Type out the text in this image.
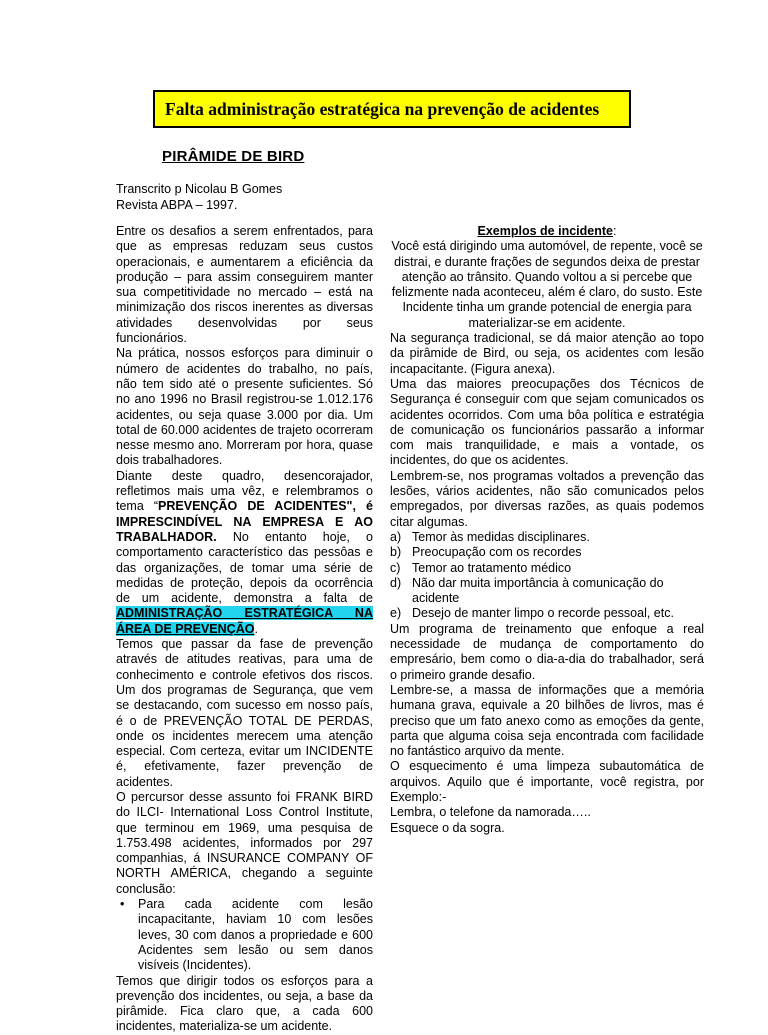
Falta administração estratégica na prevenção de acidentes
PIRÂMIDE DE BIRD
Transcrito p Nicolau B Gomes
Revista ABPA – 1997.

Entre os desafios a serem enfrentados, para que as empresas reduzam seus custos operacionais, e aumentarem a eficiência da produção – para assim conseguirem manter sua competitividade no mercado – está na minimização dos riscos inerentes as diversas atividades desenvolvidas por seus funcionários.

Na prática, nossos esforços para diminuir o número de acidentes do trabalho, no país, não tem sido até o presente suficientes. Só no ano 1996 no Brasil registrou-se 1.012.176 acidentes, ou seja quase 3.000 por dia. Um total de 60.000 acidentes de trajeto ocorreram nesse mesmo ano. Morreram por hora, quase dois trabalhadores.

Diante deste quadro, desencorajador, refletimos mais uma vêz, e relembramos o tema “PREVENÇÃO DE ACIDENTES", é IMPRESCINDÍVEL NA EMPRESA E AO TRABALHADOR. No entanto hoje, o comportamento característico das pessôas e das organizações, de tomar uma série de medidas de proteção, depois da ocorrência de um acidente, demonstra a falta de ADMINISTRAÇÃO ESTRATÉGICA NA ÁREA DE PREVENÇÃO.

Temos que passar da fase de prevenção através de atitudes reativas, para uma de conhecimento e controle efetivos dos riscos. Um dos programas de Segurança, que vem se destacando, com sucesso em nosso país, é o de PREVENÇÃO TOTAL DE PERDAS, onde os incidentes merecem uma atenção especial. Com certeza, evitar um INCIDENTE é, efetivamente, fazer prevenção de acidentes.

O percursor desse assunto foi FRANK BIRD do ILCI- International Loss Control Institute, que terminou em 1969, uma pesquisa de 1.753.498 acidentes, informados por 297 companhias, á INSURANCE COMPANY OF NORTH AMÉRICA, chegando a seguinte conclusão:

• Para cada acidente com lesão incapacitante, haviam 10 com lesões leves, 30 com danos a propriedade e 600 Acidentes sem lesão ou sem danos visíveis (Incidentes).

Temos que dirigir todos os esforços para a prevenção dos incidentes, ou seja, a base da pirâmide. Fica claro que, a cada 600 incidentes, materializa-se um acidente.

Exemplos de incidente:

Você está dirigindo uma automóvel, de repente, você se distrai, e durante frações de segundos deixa de prestar atenção ao trânsito. Quando voltou a si percebe que felizmente nada aconteceu, além é claro, do susto. Este Incidente tinha um grande potencial de energia para materializar-se em acidente.

Na segurança tradicional, se dá maior atenção ao topo da pirâmide de Bird, ou seja, os acidentes com lesão incapacitante. (Figura anexa).

Uma das maiores preocupações dos Técnicos de Segurança é conseguir com que sejam comunicados os acidentes ocorridos. Com uma bôa política e estratégia de comunicação os funcionários passarão a informar com mais tranquilidade, e mais a vontade, os incidentes, do que os acidentes.

Lembrem-se, nos programas voltados a prevenção das lesões, vários acidentes, não são comunicados pelos empregados, por diversas razões, as quais podemos citar algumas.

a) Temor às medidas disciplinares.
b) Preocupação com os recordes
c) Temor ao tratamento médico
d) Não dar muita importância à comunicação do acidente
e) Desejo de manter limpo o recorde pessoal, etc.

Um programa de treinamento que enfoque a real necessidade de mudança de comportamento do empresário, bem como o dia-a-dia do trabalhador, será o primeiro grande desafio.

Lembre-se, a massa de informações que a memória humana grava, equivale a 20 bilhões de livros, mas é preciso que um fato anexo como as emoções da gente, parta que alguma coisa seja encontrada com facilidade no fantástico arquivo da mente.

O esquecimento é uma limpeza subautomática de arquivos. Aquilo que é importante, você registra, por Exemplo:-

Lembra, o telefone da namorada…..

Esquece o da sogra.
